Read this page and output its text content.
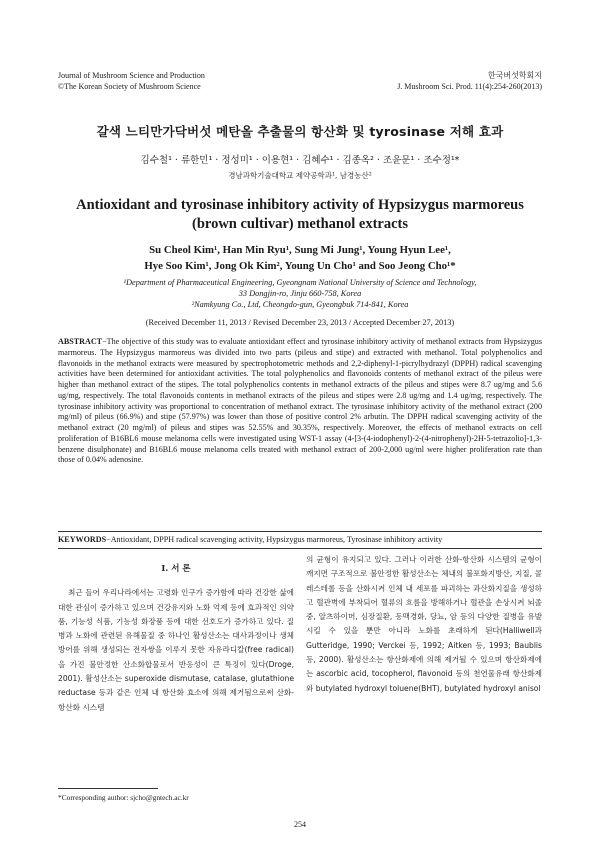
Journal of Mushroom Science and Production
©The Korean Society of Mushroom Science
한국버섯학회지
J. Mushroom Sci. Prod. 11(4):254-260(2013)
갈색 느티만가닥버섯 메탄올 추출물의 항산화 및 tyrosinase 저해 효과
김수철¹ · 류한민¹ · 정성미¹ · 이용현¹ · 김혜수¹ · 김종옥² · 조윤문¹ · 조수정¹*
경남과학기술대학교 제약공학과¹, 남경농산²
Antioxidant and tyrosinase inhibitory activity of Hypsizygus marmoreus
(brown cultivar) methanol extracts
Su Cheol Kim¹, Han Min Ryu¹, Sung Mi Jung¹, Young Hyun Lee¹,
Hye Soo Kim¹, Jong Ok Kim², Young Un Cho¹ and Soo Jeong Cho¹*
¹Department of Pharmaceutical Engineering, Gyeongnam National University of Science and Technology,
33 Dongjin-ro, Jinju 660-758, Korea
²Namkyung Co., Ltd, Cheongdo-gun, Gyeongbuk 714-841, Korea
(Received December 11, 2013 / Revised December 23, 2013 / Accepted December 27, 2013)
ABSTRACT−The objective of this study was to evaluate antioxidant effect and tyrosinase inhibitory activity of methanol extracts from Hypsizygus marmoreus. The Hypsizygus marmoreus was divided into two parts (pileus and stipe) and extracted with methanol. Total polyphenolics and flavonoids in the methanol extracts were measured by spectrophotometric methods and 2,2-diphenyl-1-picrylhydrazyl (DPPH) radical scavenging activities have been determined for antioxidant activities. The total polyphenolics and flavonoids contents of methanol extract of the pileus were higher than methanol extract of the stipes. The total polyphenolics contents in methanol extracts of the pileus and stipes were 8.7 ug/mg and 5.6 ug/mg, respectively. The total flavonoids contents in methanol extracts of the pileus and stipes were 2.8 ug/mg and 1.4 ug/mg, respectively. The tyrosinase inhibitory activity was proportional to concentration of methanol extract. The tyrosinase inhibitory activity of the methanol extract (200 mg/ml) of pileus (66.9%) and stipe (57.97%) was lower than those of positive control 2% arbutin. The DPPH radical scavenging activity of the methanol extract (20 mg/ml) of pileus and stipes was 52.55% and 30.35%, respectively. Moreover, the effects of methanol extracts on cell proliferation of B16BL6 mouse melanoma cells were investigated using WST-1 assay (4-[3-(4-iodophenyl)-2-(4-nitrophenyl)-2H-5-tetrazolio]-1,3-benzene disulphonate) and B16BL6 mouse melanoma cells treated with methanol extract of 200-2,000 ug/ml were higher proliferation rate than those of 0.04% adenosine.
KEYWORDS−Antioxidant, DPPH radical scavenging activity, Hypsizygus marmoreus, Tyrosinase inhibitory activity
I. 서 론

최근 들어 우리나라에서는 고령화 인구가 증가함에 따라 건강한 삶에 대한 관심이 증가하고 있으며 건강유지와 노화 억제 등에 효과적인 의약품, 기능성 식품, 기능성 화장품 등에 대한 선호도가 증가하고 있다. 질병과 노화에 관련된 유해물질 중 하나인 활성산소는 대사과정이나 생체 방어를 위해 생성되는 전자쌍을 이루지 못한 자유라디칼(free radical)을 가진 불안정한 산소화합물로서 반응성이 큰 특징이 있다(Droge, 2001). 활성산소는 superoxide dismutase, catalase, glutathione reductase 등과 같은 인체 내 항산화 효소에 의해 제거됨으로써 산화-항산화 시스템

의 균형이 유지되고 있다. 그러나 이러한 산화-항산화 시스템의 균형이 깨지면 구조적으로 불안정한 활성산소는 체내의 불포화지방산, 지질, 콜레스테롤 등을 산화시켜 인체 내 세포를 파괴하는 과산화지질을 생성하고 혈관벽에 부착되어 혈류의 흐름을 방해하거나 혈관을 손상시켜 뇌졸중, 알츠하이머, 심장질환, 동맥경화, 당뇨, 암 등의 다양한 질병을 유발시킬 수 있을 뿐만 아니라 노화를 초래하게 된다(Halliwell과 Gutteridge, 1990; Verckei 등, 1992; Aitken 등, 1993; Baublis 등, 2000). 활성산소는 항산화제에 의해 제거될 수 있으며 항산화제에는 ascorbic acid, tocopherol, flavonoid 등의 천연물유래 항산화제와 butylated hydroxyl toluene(BHT), butylated hydroxyl anisol

*Corresponding author: sjcho@gntech.ac.kr
254
